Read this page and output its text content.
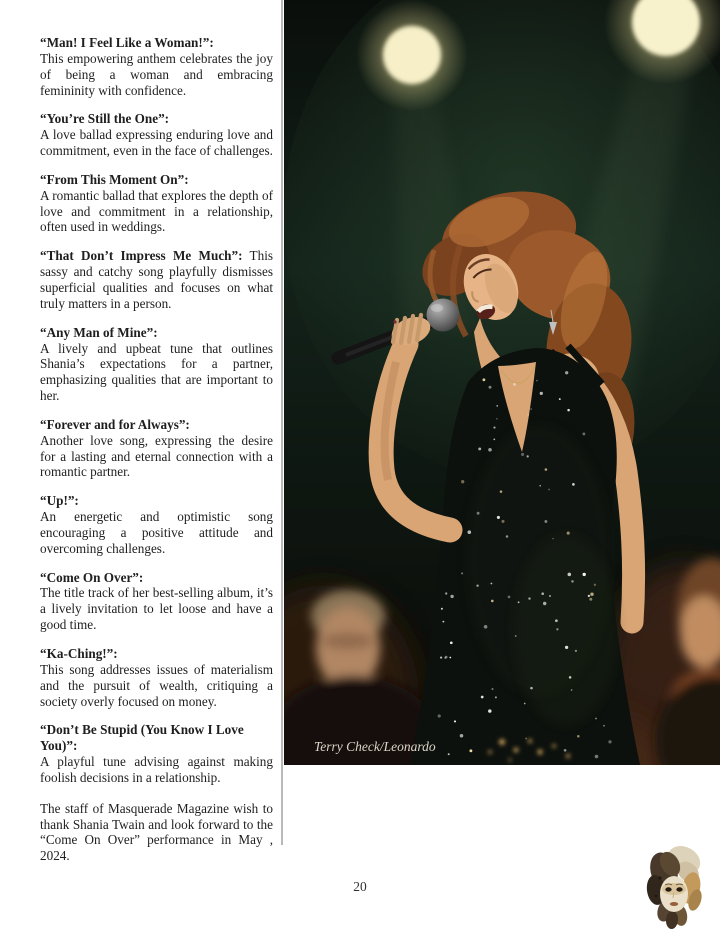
“Man! I Feel Like a Woman!”:
This empowering anthem celebrates the joy of being a woman and embracing femininity with confidence.

“You’re Still the One”:
A love ballad expressing enduring love and commitment, even in the face of challenges.

“From This Moment On”:
A romantic ballad that explores the depth of love and commitment in a relationship, often used in weddings.

“That Don’t Impress Me Much”: This sassy and catchy song playfully dismisses superficial qualities and focuses on what truly matters in a person.

“Any Man of Mine”:
A lively and upbeat tune that outlines Shania’s expectations for a partner, emphasizing qualities that are important to her.

“Forever and for Always”:
Another love song, expressing the desire for a lasting and eternal connection with a romantic partner.

“Up!”:
An energetic and optimistic song encouraging a positive attitude and overcoming challenges.

“Come On Over”:
The title track of her best-selling album, it’s a lively invitation to let loose and have a good time.

“Ka-Ching!”:
This song addresses issues of materialism and the pursuit of wealth, critiquing a society overly focused on money.

“Don’t Be Stupid (You Know I Love You)”:
A playful tune advising against making foolish decisions in a relationship.

The staff of Masquerade Magazine wish to thank Shania Twain and look forward to the “Come On Over” performance in May , 2024.

Terry Check/Leonardo
20
